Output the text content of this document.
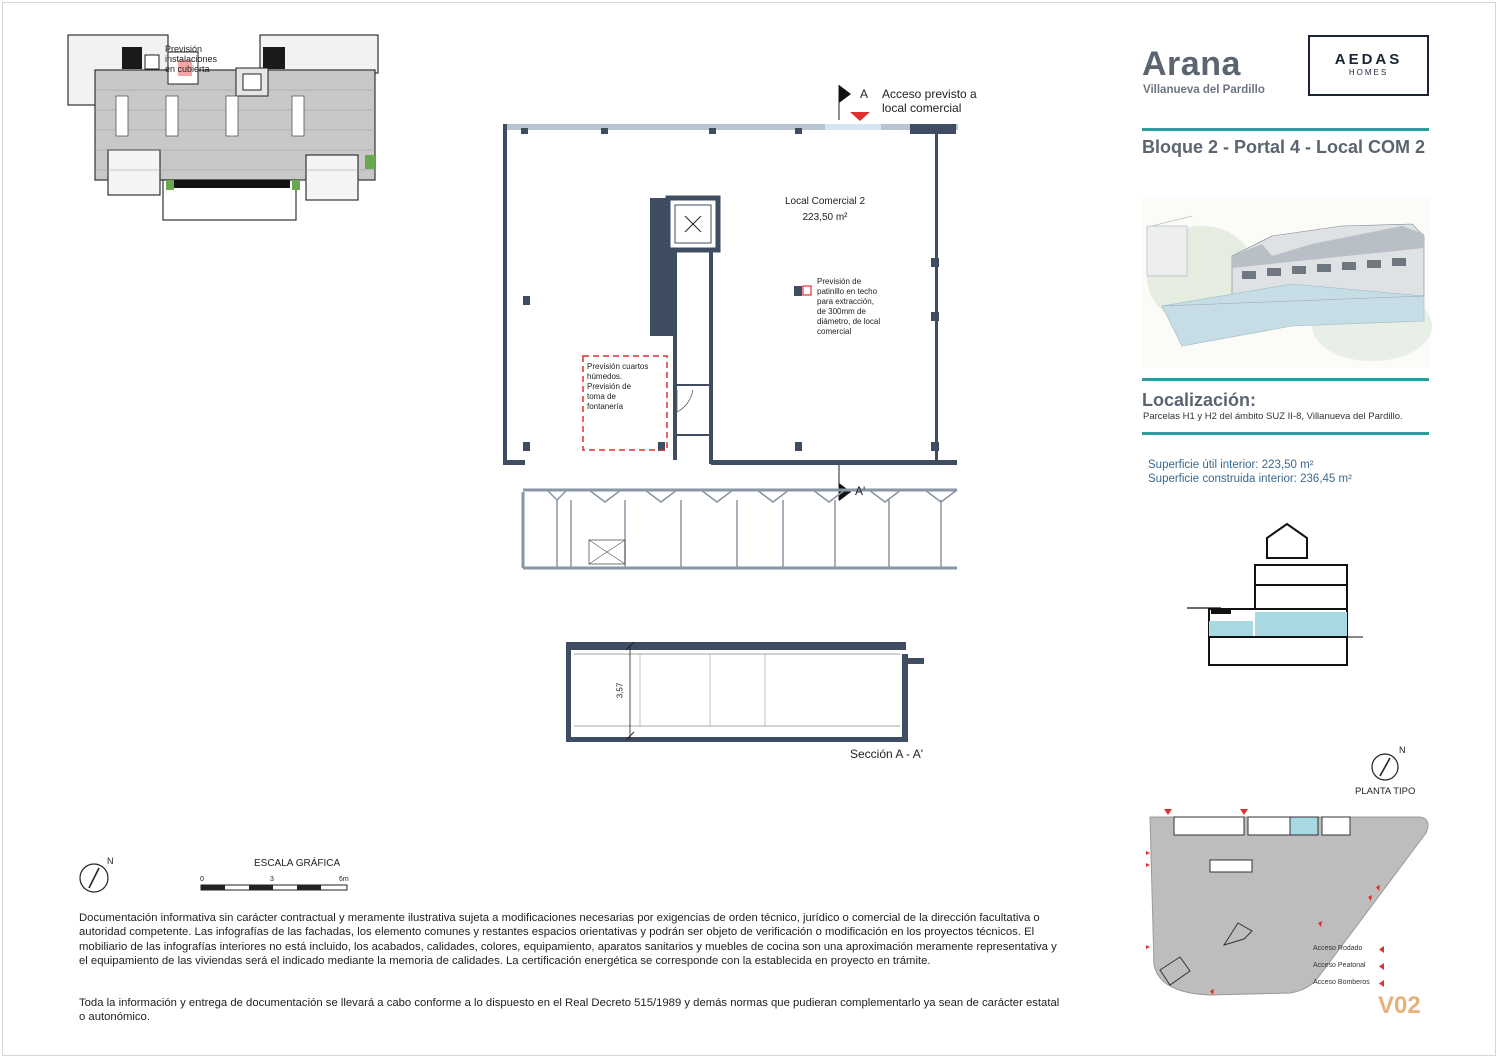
Previsión instalaciones en cubierta
A Acceso previsto a local comercial
Local Comercial 2
223,50 m²
Previsión de patinillo en techo para extracción, de 300mm de diámetro, de local comercial
Previsión cuartos húmedos. Previsión de toma de fontanería
A'
3,57
Sección A - A'
N	ESCALA GRÁFICA
0	3	6m
Documentación informativa sin carácter contractual y meramente ilustrativa sujeta a modificaciones necesarias por exigencias de orden técnico, jurídico o comercial de la dirección facultativa o autoridad competente. Las infografías de las fachadas, los elemento comunes y restantes espacios orientativas y podrán ser objeto de verificación o modificación en los proyectos técnicos. El mobiliario de las infografías interiores no está incluido, los acabados, calidades, colores, equipamiento, aparatos sanitarios y muebles de cocina son una aproximación meramente representativa y el equipamiento de las viviendas será el indicado mediante la memoria de calidades. La certificación energética se corresponde con la establecida en proyecto en trámite.
Toda la información y entrega de documentación se llevará a cabo conforme a lo dispuesto en el Real Decreto 515/1989 y demás normas que pudieran complementarlo ya sean de carácter estatal o autonómico.
Arana
Villanueva del Pardillo
AEDAS
HOMES
Bloque 2 - Portal 4 - Local COM 2
Localización:
Parcelas H1 y H2 del ámbito SUZ II-8, Villanueva del Pardillo.
Superficie útil interior: 223,50 m²
Superficie construida interior: 236,45 m²
N
PLANTA TIPO
Acceso Rodado
Acceso Peatonal
Acceso Bomberos
V02
